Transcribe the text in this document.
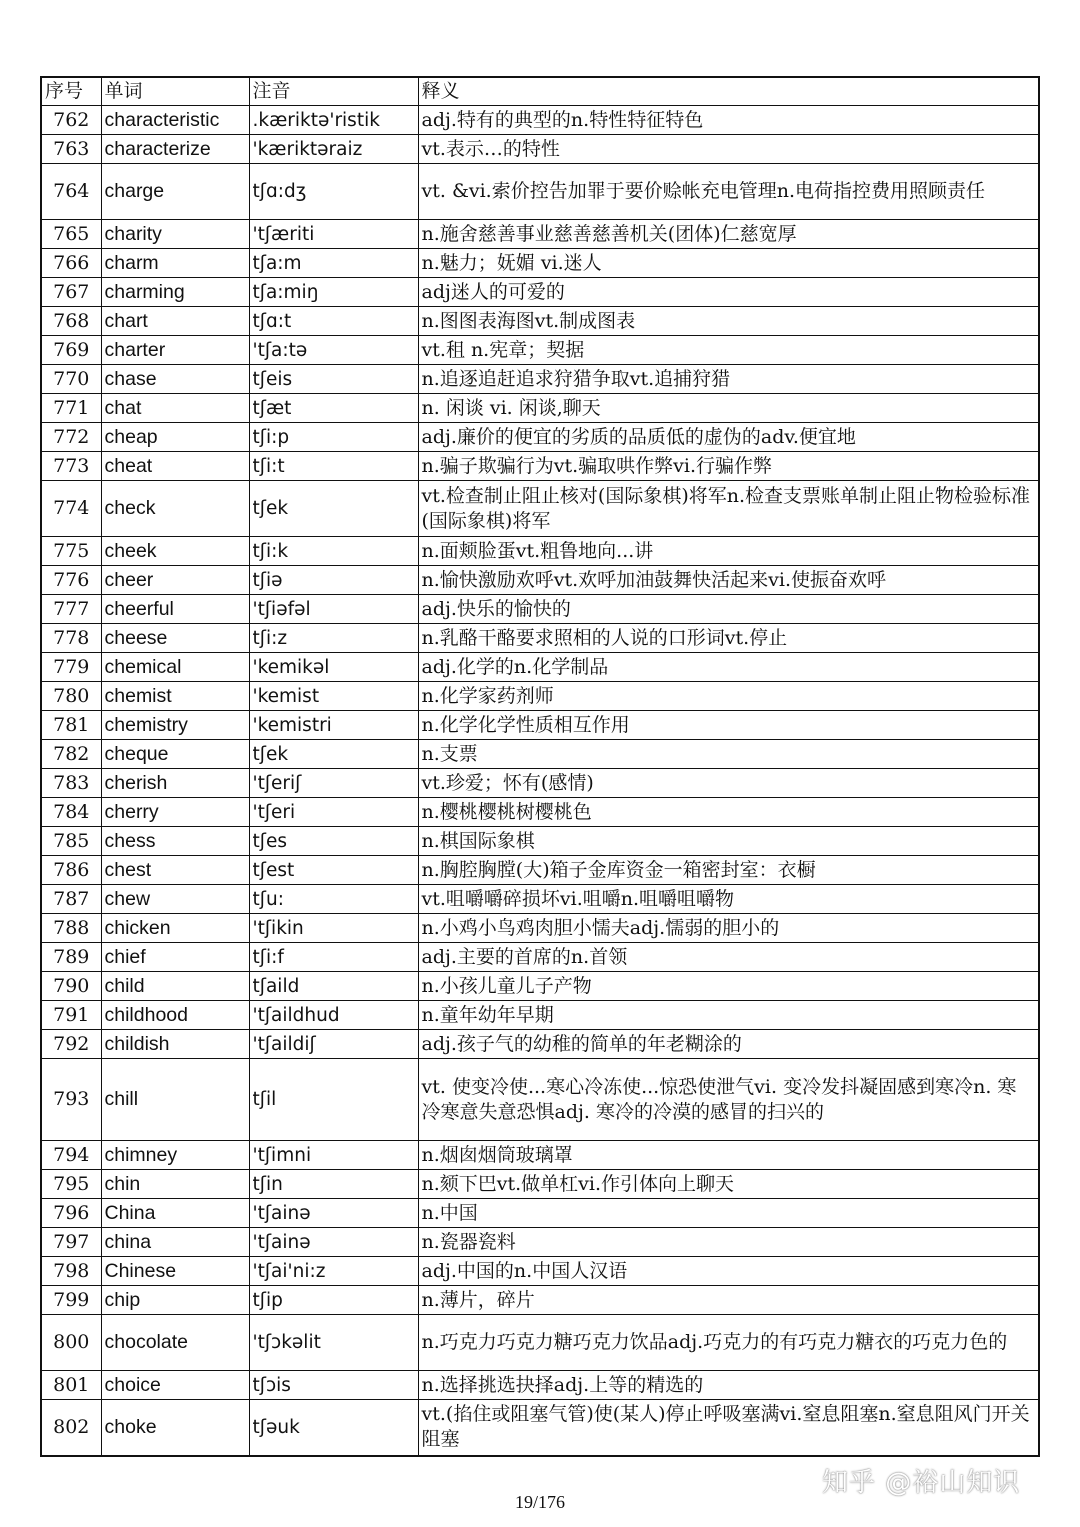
序号	单词	注音	释义
762	characteristic	.kæriktə'ristik	adj.特有的典型的n.特性特征特色
763	characterize	'kæriktəraiz	vt.表示…的特性
764	charge	tʃɑ:dʒ	vt. &vi.索价控告加罪于要价赊帐充电管理n.电荷指控费用照顾责任
765	charity	'tʃæriti	n.施舍慈善事业慈善慈善机关(团体)仁慈宽厚
766	charm	tʃa:m	n.魅力；妩媚 vi.迷人
767	charming	tʃa:miŋ	adj迷人的可爱的
768	chart	tʃɑ:t	n.图图表海图vt.制成图表
769	charter	'tʃa:tə	vt.租 n.宪章；契据
770	chase	tʃeis	n.追逐追赶追求狩猎争取vt.追捕狩猎
771	chat	tʃæt	n. 闲谈 vi. 闲谈,聊天
772	cheap	tʃi:p	adj.廉价的便宜的劣质的品质低的虚伪的adv.便宜地
773	cheat	tʃi:t	n.骗子欺骗行为vt.骗取哄作弊vi.行骗作弊
774	check	tʃek	vt.检查制止阻止核对(国际象棋)将军n.检查支票账单制止阻止物检验标准(国际象棋)将军
775	cheek	tʃi:k	n.面颊脸蛋vt.粗鲁地向...讲
776	cheer	tʃiə	n.愉快激励欢呼vt.欢呼加油鼓舞快活起来vi.使振奋欢呼
777	cheerful	'tʃiəfəl	adj.快乐的愉快的
778	cheese	tʃi:z	n.乳酪干酪要求照相的人说的口形词vt.停止
779	chemical	'kemikəl	adj.化学的n.化学制品
780	chemist	'kemist	n.化学家药剂师
781	chemistry	'kemistri	n.化学化学性质相互作用
782	cheque	tʃek	n.支票
783	cherish	'tʃeriʃ	vt.珍爱；怀有(感情)
784	cherry	'tʃeri	n.樱桃樱桃树樱桃色
785	chess	tʃes	n.棋国际象棋
786	chest	tʃest	n.胸腔胸膛(大)箱子金库资金一箱密封室：衣橱
787	chew	tʃu:	vt.咀嚼嚼碎损坏vi.咀嚼n.咀嚼咀嚼物
788	chicken	'tʃikin	n.小鸡小鸟鸡肉胆小懦夫adj.懦弱的胆小的
789	chief	tʃi:f	adj.主要的首席的n.首领
790	child	tʃaild	n.小孩儿童儿子产物
791	childhood	'tʃaildhud	n.童年幼年早期
792	childish	'tʃaildiʃ	adj.孩子气的幼稚的简单的年老糊涂的
793	chill	tʃil	vt. 使变冷使...寒心冷冻使...惊恐使泄气vi. 变冷发抖凝固感到寒冷n. 寒冷寒意失意恐惧adj. 寒冷的冷漠的感冒的扫兴的
794	chimney	'tʃimni	n.烟囱烟筒玻璃罩
795	chin	tʃin	n.颏下巴vt.做单杠vi.作引体向上聊天
796	China	'tʃainə	n.中国
797	china	'tʃainə	n.瓷器瓷料
798	Chinese	'tʃai'ni:z	adj.中国的n.中国人汉语
799	chip	tʃip	n.薄片，碎片
800	chocolate	'tʃɔkəlit	n.巧克力巧克力糖巧克力饮品adj.巧克力的有巧克力糖衣的巧克力色的
801	choice	tʃɔis	n.选择挑选抉择adj.上等的精选的
802	choke	tʃəuk	vt.(掐住或阻塞气管)使(某人)停止呼吸塞满vi.窒息阻塞n.窒息阻风门开关阻塞
19/176
知乎 @裕山知识
